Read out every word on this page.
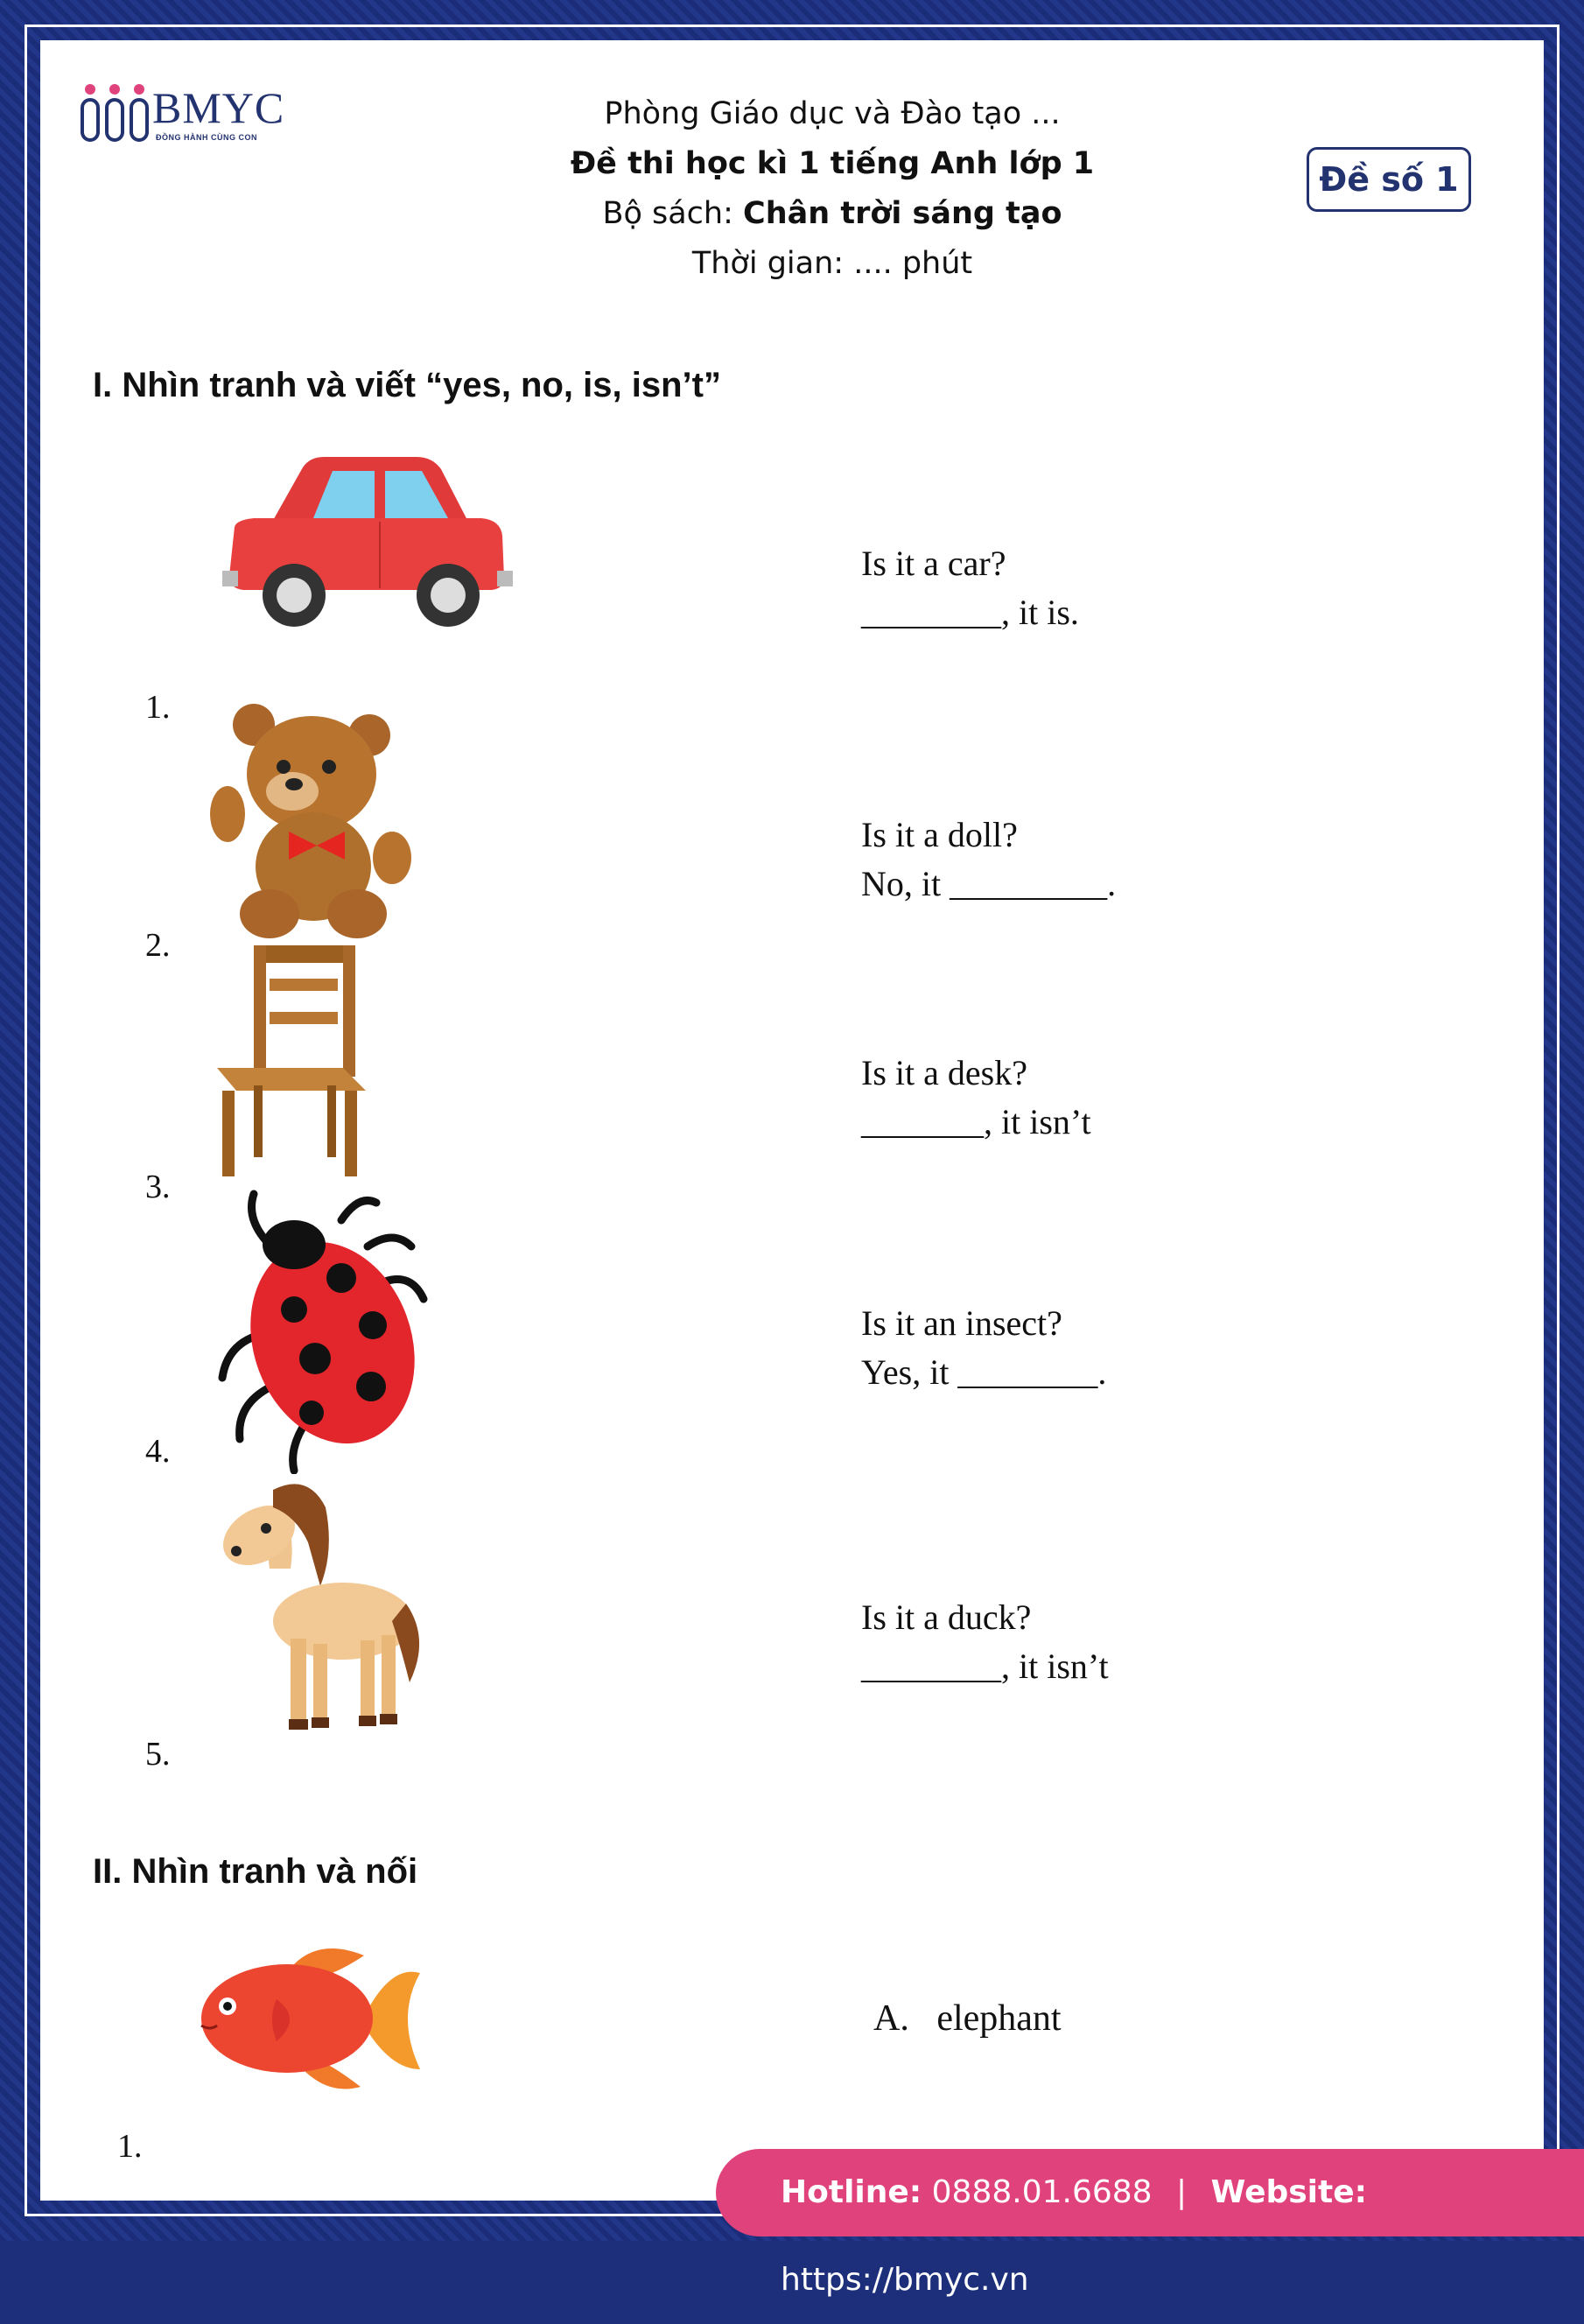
BMYC
ĐỒNG HÀNH CÙNG CON
Phòng Giáo dục và Đào tạo ...
Đề thi học kì 1 tiếng Anh lớp 1
Bộ sách: Chân trời sáng tạo
Thời gian: .... phút
Đề số 1
I. Nhìn tranh và viết “yes, no, is, isn’t”
Is it a car?
________, it is.
1.
Is it a doll?
No, it _________.
2.
Is it a desk?
_______, it isn’t
3.
Is it an insect?
Yes, it ________.
4.
Is it a duck?
________, it isn’t
5.
II. Nhìn tranh và nối
A.   elephant
1.
Hotline: 0888.01.6688 | Website: https://bmyc.vn
